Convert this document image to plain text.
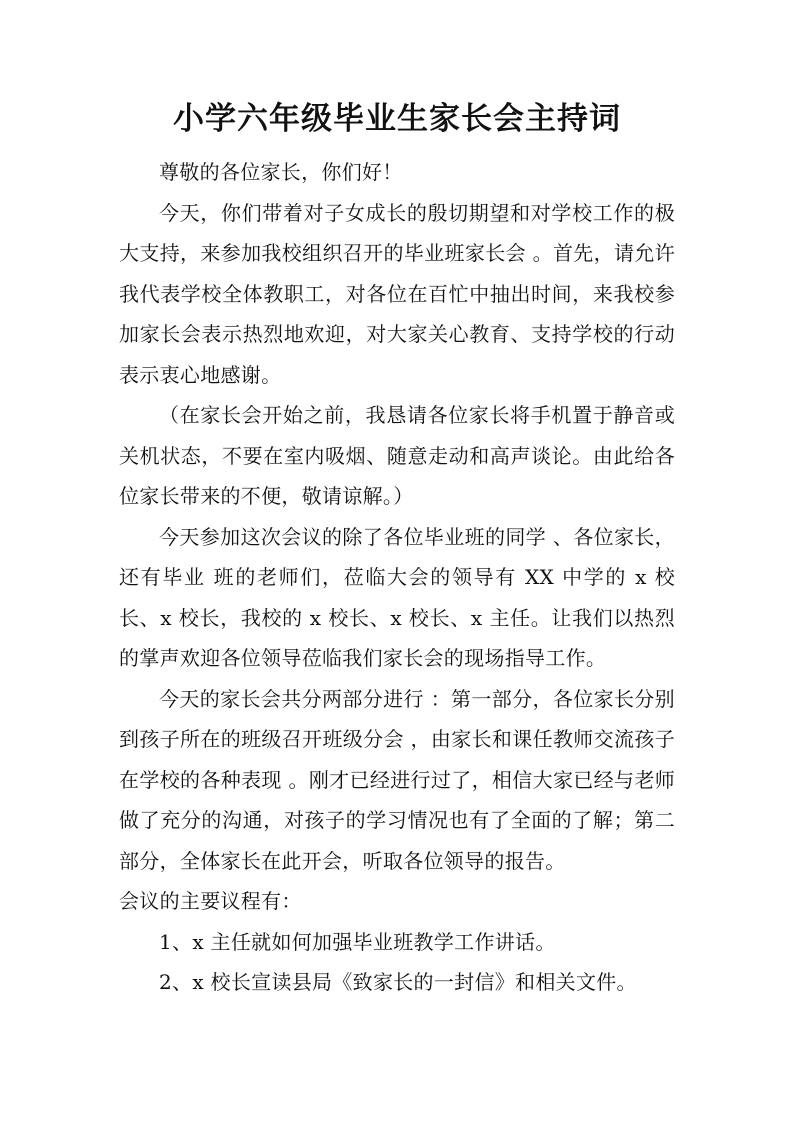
小学六年级毕业生家长会主持词

尊敬的各位家长，你们好！

今天，你们带着对子女成长的殷切期望和对学校工作的极大支持，来参加我校组织召开的毕业班家长会 。首先，请允许我代表学校全体教职工，对各位在百忙中抽出时间，来我校参加家长会表示热烈地欢迎，对大家关心教育、支持学校的行动表示衷心地感谢。

（在家长会开始之前，我恳请各位家长将手机置于静音或关机状态，不要在室内吸烟、随意走动和高声谈论。由此给各位家长带来的不便，敬请谅解。）

今天参加这次会议的除了各位毕业班的同学 、各位家长，还有毕业 班的老师们，莅临大会的领导有 XX 中学的 x 校长、x 校长，我校的 x 校长、x 校长、x 主任。让我们以热烈的掌声欢迎各位领导莅临我们家长会的现场指导工作。

今天的家长会共分两部分进行 ：第一部分，各位家长分别到孩子所在的班级召开班级分会 ，由家长和课任教师交流孩子在学校的各种表现 。刚才已经进行过了，相信大家已经与老师做了充分的沟通，对孩子的学习情况也有了全面的了解；第二部分，全体家长在此开会，听取各位领导的报告。

会议的主要议程有：

1、x 主任就如何加强毕业班教学工作讲话。

2、x 校长宣读县局《致家长的一封信》和相关文件。
